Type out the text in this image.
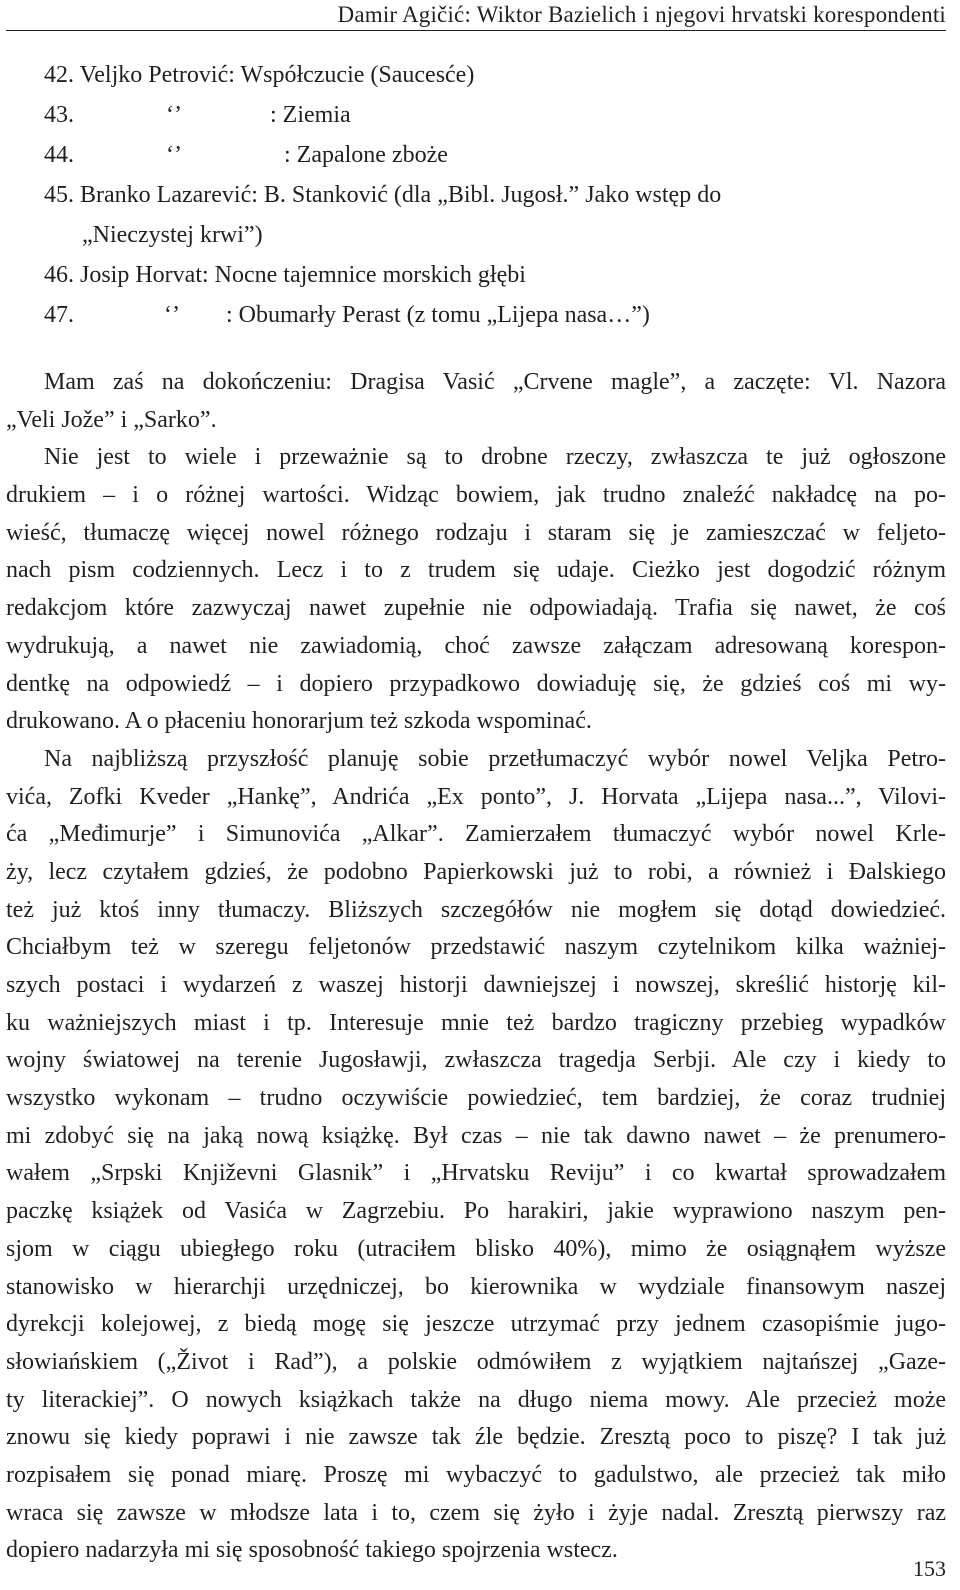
Damir Agičić: Wiktor Bazielich i njegovi hrvatski korespondenti
42. Veljko Petrović: Współczucie (Saucesće)
43.	‘’	: Ziemia
44.	‘’	: Zapalone zboże
45. Branko Lazarević: B. Stanković (dla „Bibl. Jugosł.” Jako wstęp do
„Nieczystej krwi”)
46. Josip Horvat: Nocne tajemnice morskich głębi
47.	‘’ : Obumarły Perast (z tomu „Lijepa nasa…”)
Mam zaś na dokończeniu: Dragisa Vasić „Crvene magle”, a zaczęte: Vl. Nazora
„Veli Jože” i „Sarko”.
Nie jest to wiele i przeważnie są to drobne rzeczy, zwłaszcza te już ogłoszone
drukiem – i o różnej wartości. Widząc bowiem, jak trudno znaleźć nakładcę na po-
wieść, tłumaczę więcej nowel różnego rodzaju i staram się je zamieszczać w feljeto-
nach pism codziennych. Lecz i to z trudem się udaje. Cieżko jest dogodzić różnym
redakcjom które zazwyczaj nawet zupełnie nie odpowiadają. Trafia się nawet, że coś
wydrukują, a nawet nie zawiadomią, choć zawsze załączam adresowaną korespon-
dentkę na odpowiedź – i dopiero przypadkowo dowiaduję się, że gdzieś coś mi wy-
drukowano. A o płaceniu honorarjum też szkoda wspominać.
Na najbliższą przyszłość planuję sobie przetłumaczyć wybór nowel Veljka Petro-
vića, Zofki Kveder „Hankę”, Andrića „Ex ponto”, J. Horvata „Lijepa nasa...”, Vilovi-
ća „Međimurje” i Simunovića „Alkar”. Zamierzałem tłumaczyć wybór nowel Krle-
ży, lecz czytałem gdzieś, że podobno Papierkowski już to robi, a również i Đalskiego
też już ktoś inny tłumaczy. Bliższych szczegółów nie mogłem się dotąd dowiedzieć.
Chciałbym też w szeregu feljetonów przedstawić naszym czytelnikom kilka ważniej-
szych postaci i wydarzeń z waszej historji dawniejszej i nowszej, skreślić historję kil-
ku ważniejszych miast i tp. Interesuje mnie też bardzo tragiczny przebieg wypadków
wojny światowej na terenie Jugosławji, zwłaszcza tragedja Serbji. Ale czy i kiedy to
wszystko wykonam – trudno oczywiście powiedzieć, tem bardziej, że coraz trudniej
mi zdobyć się na jaką nową książkę. Był czas – nie tak dawno nawet – że prenumero-
wałem „Srpski Književni Glasnik” i „Hrvatsku Reviju” i co kwartał sprowadzałem
paczkę książek od Vasića w Zagrzebiu. Po harakiri, jakie wyprawiono naszym pen-
sjom w ciągu ubiegłego roku (utraciłem blisko 40%), mimo że osiągnąłem wyższe
stanowisko w hierarchji urzędniczej, bo kierownika w wydziale finansowym naszej
dyrekcji kolejowej, z biedą mogę się jeszcze utrzymać przy jednem czasopiśmie jugo-
słowiańskiem („Život i Rad”), a polskie odmówiłem z wyjątkiem najtańszej „Gaze-
ty literackiej”. O nowych książkach także na długo niema mowy. Ale przecież może
znowu się kiedy poprawi i nie zawsze tak źle będzie. Zresztą poco to piszę? I tak już
rozpisałem się ponad miarę. Proszę mi wybaczyć to gadulstwo, ale przecież tak miło
wraca się zawsze w młodsze lata i to, czem się żyło i żyje nadal. Zresztą pierwszy raz
dopiero nadarzyła mi się sposobność takiego spojrzenia wstecz.
153
